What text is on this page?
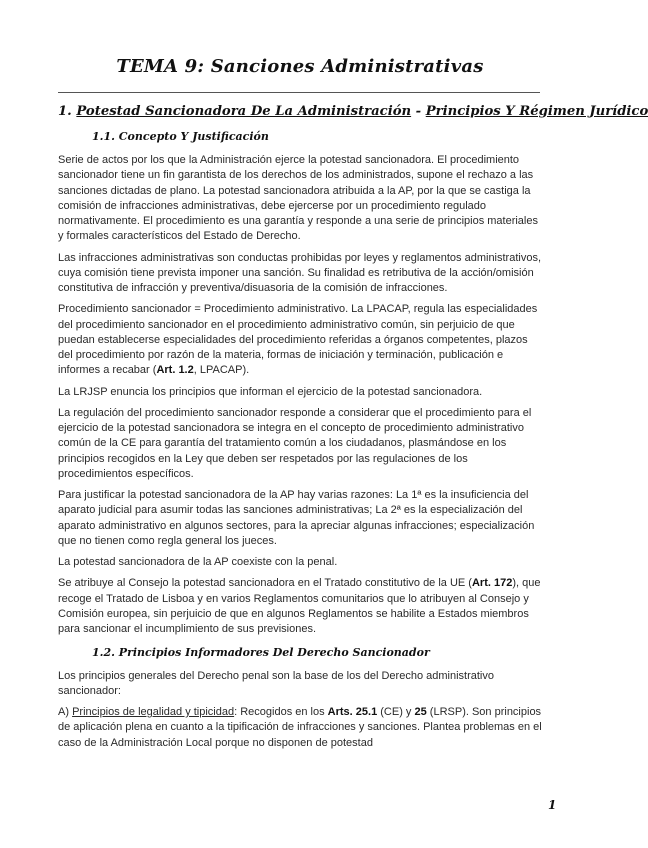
TEMA 9: Sanciones Administrativas
1. Potestad Sancionadora De La Administración - Principios Y Régimen Jurídico
1.1. Concepto Y Justificación

Serie de actos por los que la Administración ejerce la potestad sancionadora. El procedimiento sancionador tiene un fin garantista de los derechos de los administrados, supone el rechazo a las sanciones dictadas de plano. La potestad sancionadora atribuida a la AP, por la que se castiga la comisión de infracciones administrativas, debe ejercerse por un procedimiento regulado normativamente. El procedimiento es una garantía y responde a una serie de principios materiales y formales característicos del Estado de Derecho.

Las infracciones administrativas son conductas prohibidas por leyes y reglamentos administrativos, cuya comisión tiene prevista imponer una sanción. Su finalidad es retributiva de la acción/omisión constitutiva de infracción y preventiva/disuasoria de la comisión de infracciones.

Procedimiento sancionador = Procedimiento administrativo. La LPACAP, regula las especialidades del procedimiento sancionador en el procedimiento administrativo común, sin perjuicio de que puedan establecerse especialidades del procedimiento referidas a órganos competentes, plazos del procedimiento por razón de la materia, formas de iniciación y terminación, publicación e informes a recabar (Art. 1.2, LPACAP).

La LRJSP enuncia los principios que informan el ejercicio de la potestad sancionadora.

La regulación del procedimiento sancionador responde a considerar que el procedimiento para el ejercicio de la potestad sancionadora se integra en el concepto de procedimiento administrativo común de la CE para garantía del tratamiento común a los ciudadanos, plasmándose en los principios recogidos en la Ley que deben ser respetados por las regulaciones de los procedimientos específicos.

Para justificar la potestad sancionadora de la AP hay varias razones: La 1ª es la insuficiencia del aparato judicial para asumir todas las sanciones administrativas; La 2ª es la especialización del aparato administrativo en algunos sectores, para la apreciar algunas infracciones; especialización que no tienen como regla general los jueces.

La potestad sancionadora de la AP coexiste con la penal.

Se atribuye al Consejo la potestad sancionadora en el Tratado constitutivo de la UE (Art. 172), que recoge el Tratado de Lisboa y en varios Reglamentos comunitarios que lo atribuyen al Consejo y Comisión europea, sin perjuicio de que en algunos Reglamentos se habilite a Estados miembros para sancionar el incumplimiento de sus previsiones.

1.2. Principios Informadores Del Derecho Sancionador

Los principios generales del Derecho penal son la base de los del Derecho administrativo sancionador:

A) Principios de legalidad y tipicidad: Recogidos en los Arts. 25.1 (CE) y 25 (LRSP). Son principios de aplicación plena en cuanto a la tipificación de infracciones y sanciones. Plantea problemas en el caso de la Administración Local porque no disponen de potestad

1
